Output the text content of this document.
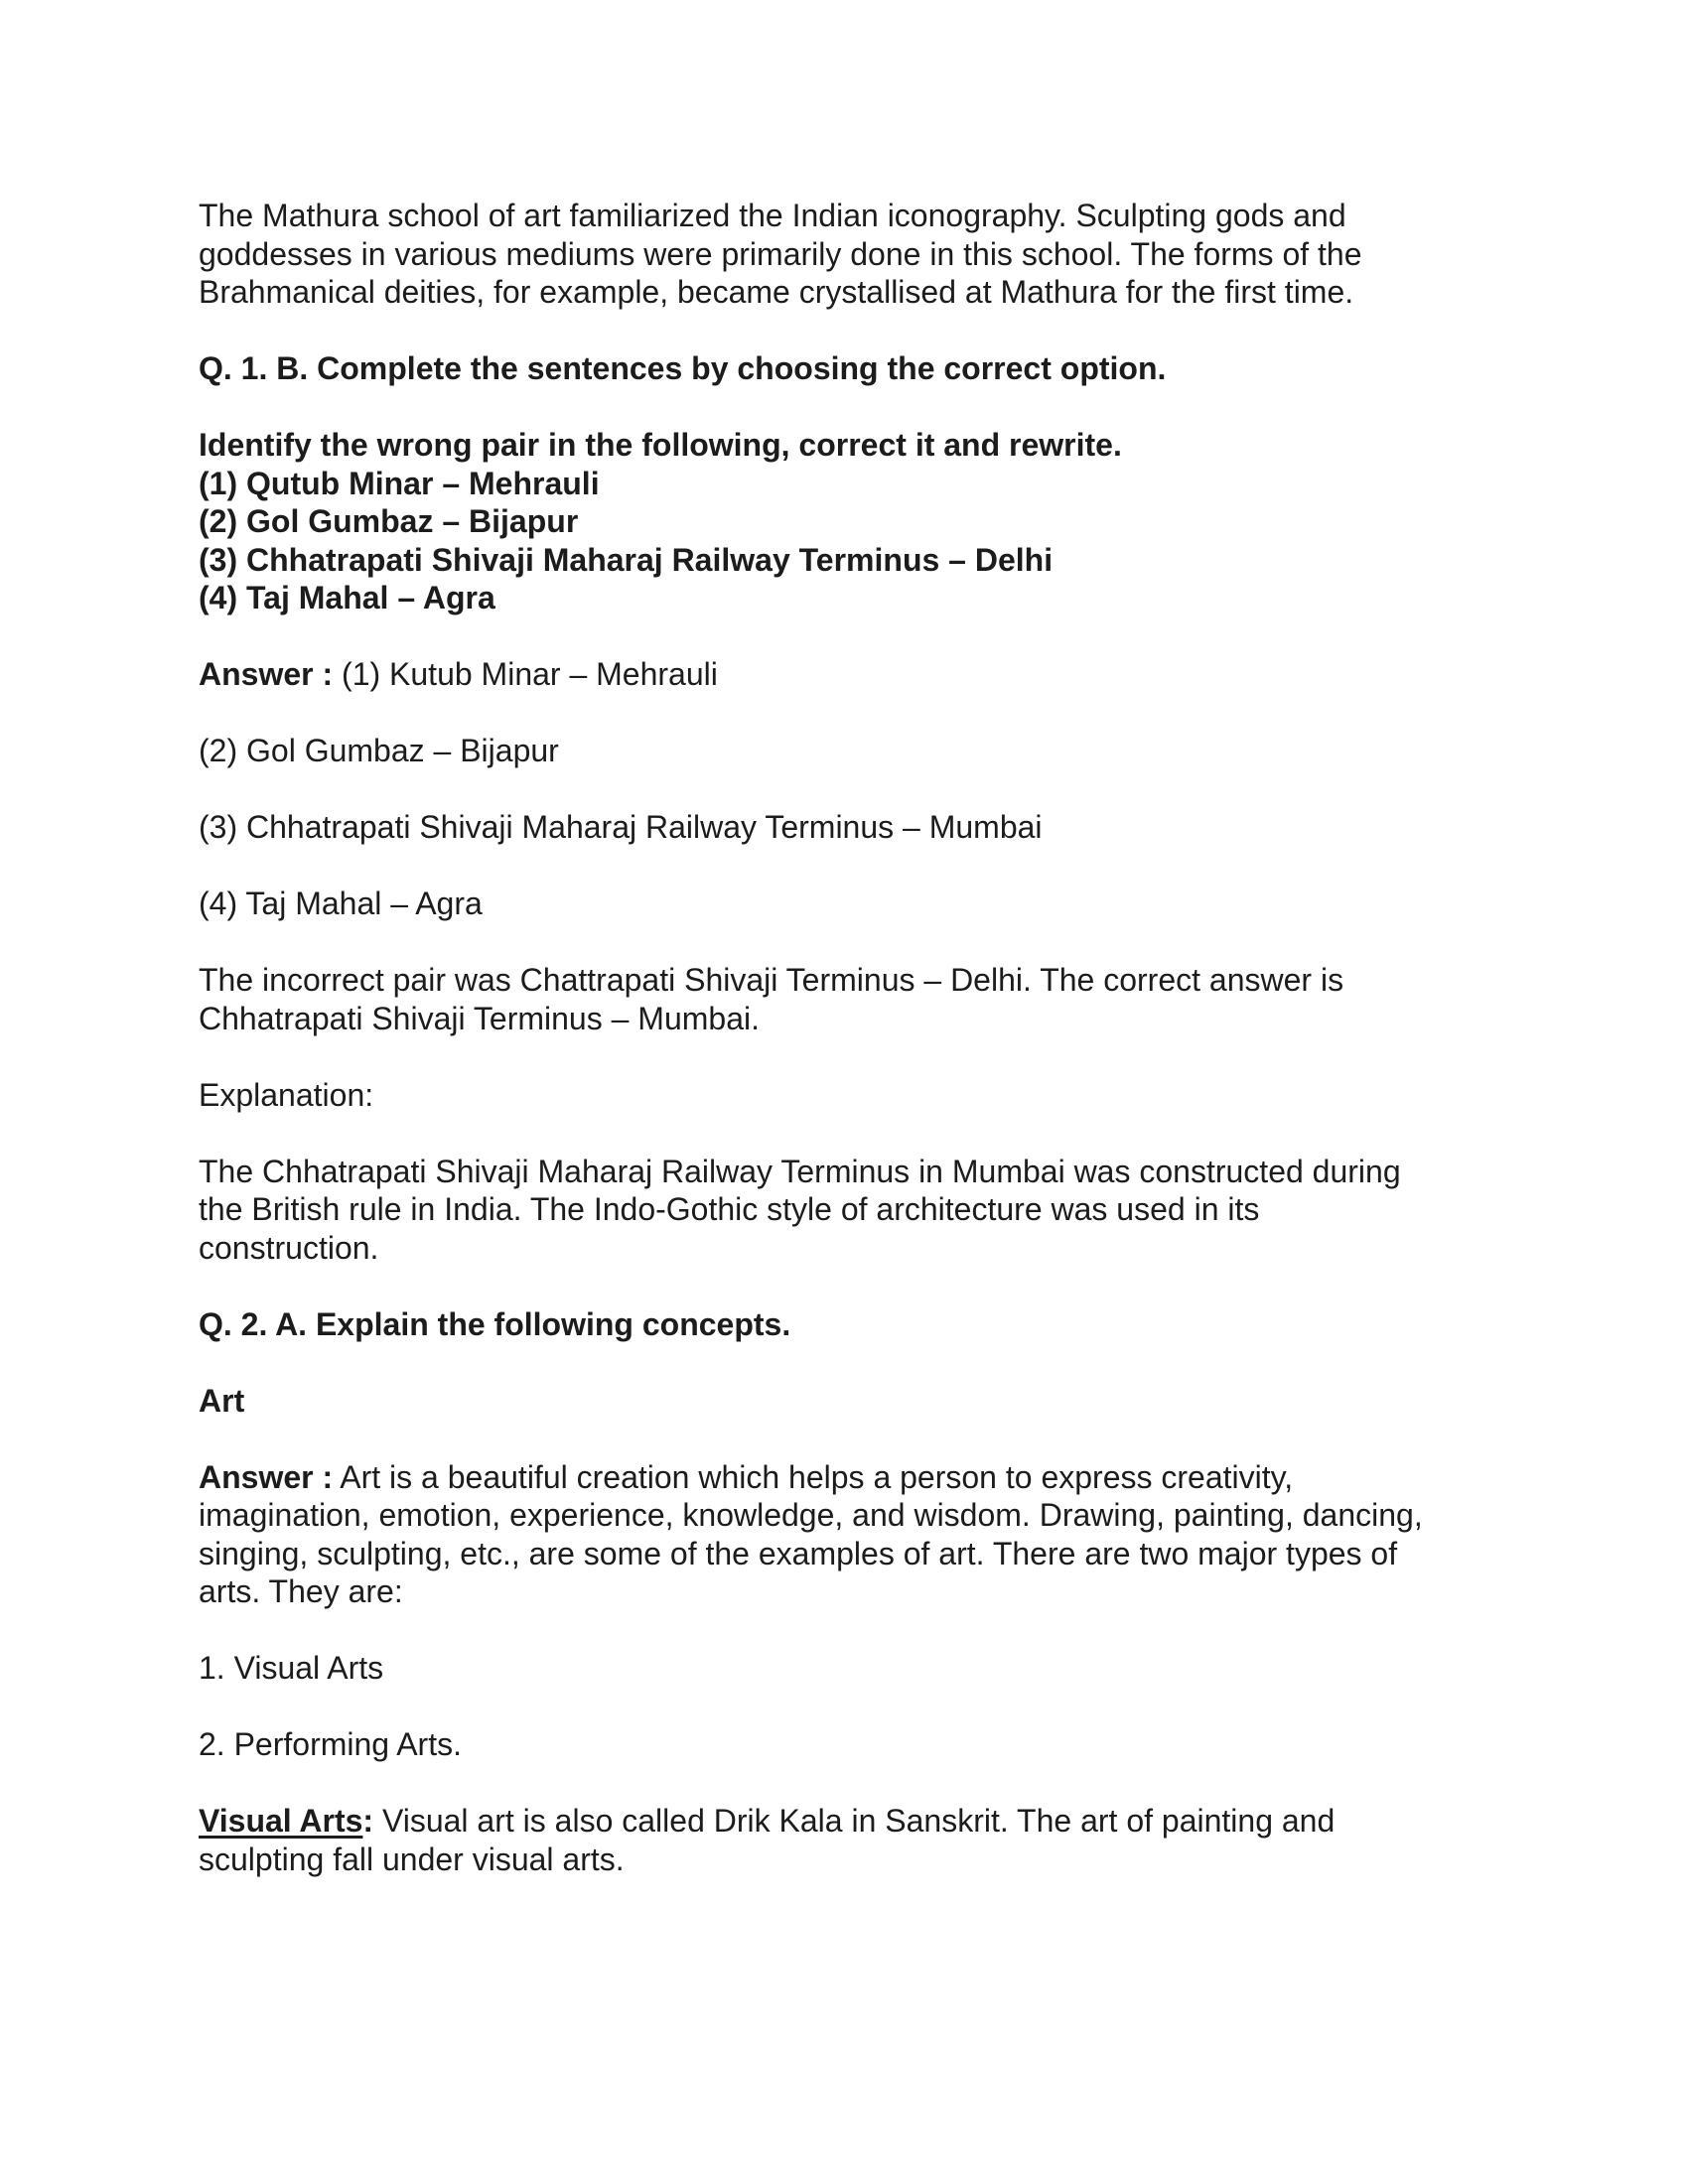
The Mathura school of art familiarized the Indian iconography. Sculpting gods and
goddesses in various mediums were primarily done in this school. The forms of the
Brahmanical deities, for example, became crystallised at Mathura for the first time.
Q. 1. B. Complete the sentences by choosing the correct option.
Identify the wrong pair in the following, correct it and rewrite.
(1) Qutub Minar – Mehrauli
(2) Gol Gumbaz – Bijapur
(3) Chhatrapati Shivaji Maharaj Railway Terminus – Delhi
(4) Taj Mahal – Agra
Answer : (1) Kutub Minar – Mehrauli
(2) Gol Gumbaz – Bijapur
(3) Chhatrapati Shivaji Maharaj Railway Terminus – Mumbai
(4) Taj Mahal – Agra
The incorrect pair was Chattrapati Shivaji Terminus – Delhi. The correct answer is
Chhatrapati Shivaji Terminus – Mumbai.
Explanation:
The Chhatrapati Shivaji Maharaj Railway Terminus in Mumbai was constructed during
the British rule in India. The Indo-Gothic style of architecture was used in its
construction.
Q. 2. A. Explain the following concepts.
Art
Answer : Art is a beautiful creation which helps a person to express creativity,
imagination, emotion, experience, knowledge, and wisdom. Drawing, painting, dancing,
singing, sculpting, etc., are some of the examples of art. There are two major types of
arts. They are:
1. Visual Arts
2. Performing Arts.
Visual Arts: Visual art is also called Drik Kala in Sanskrit. The art of painting and
sculpting fall under visual arts.
